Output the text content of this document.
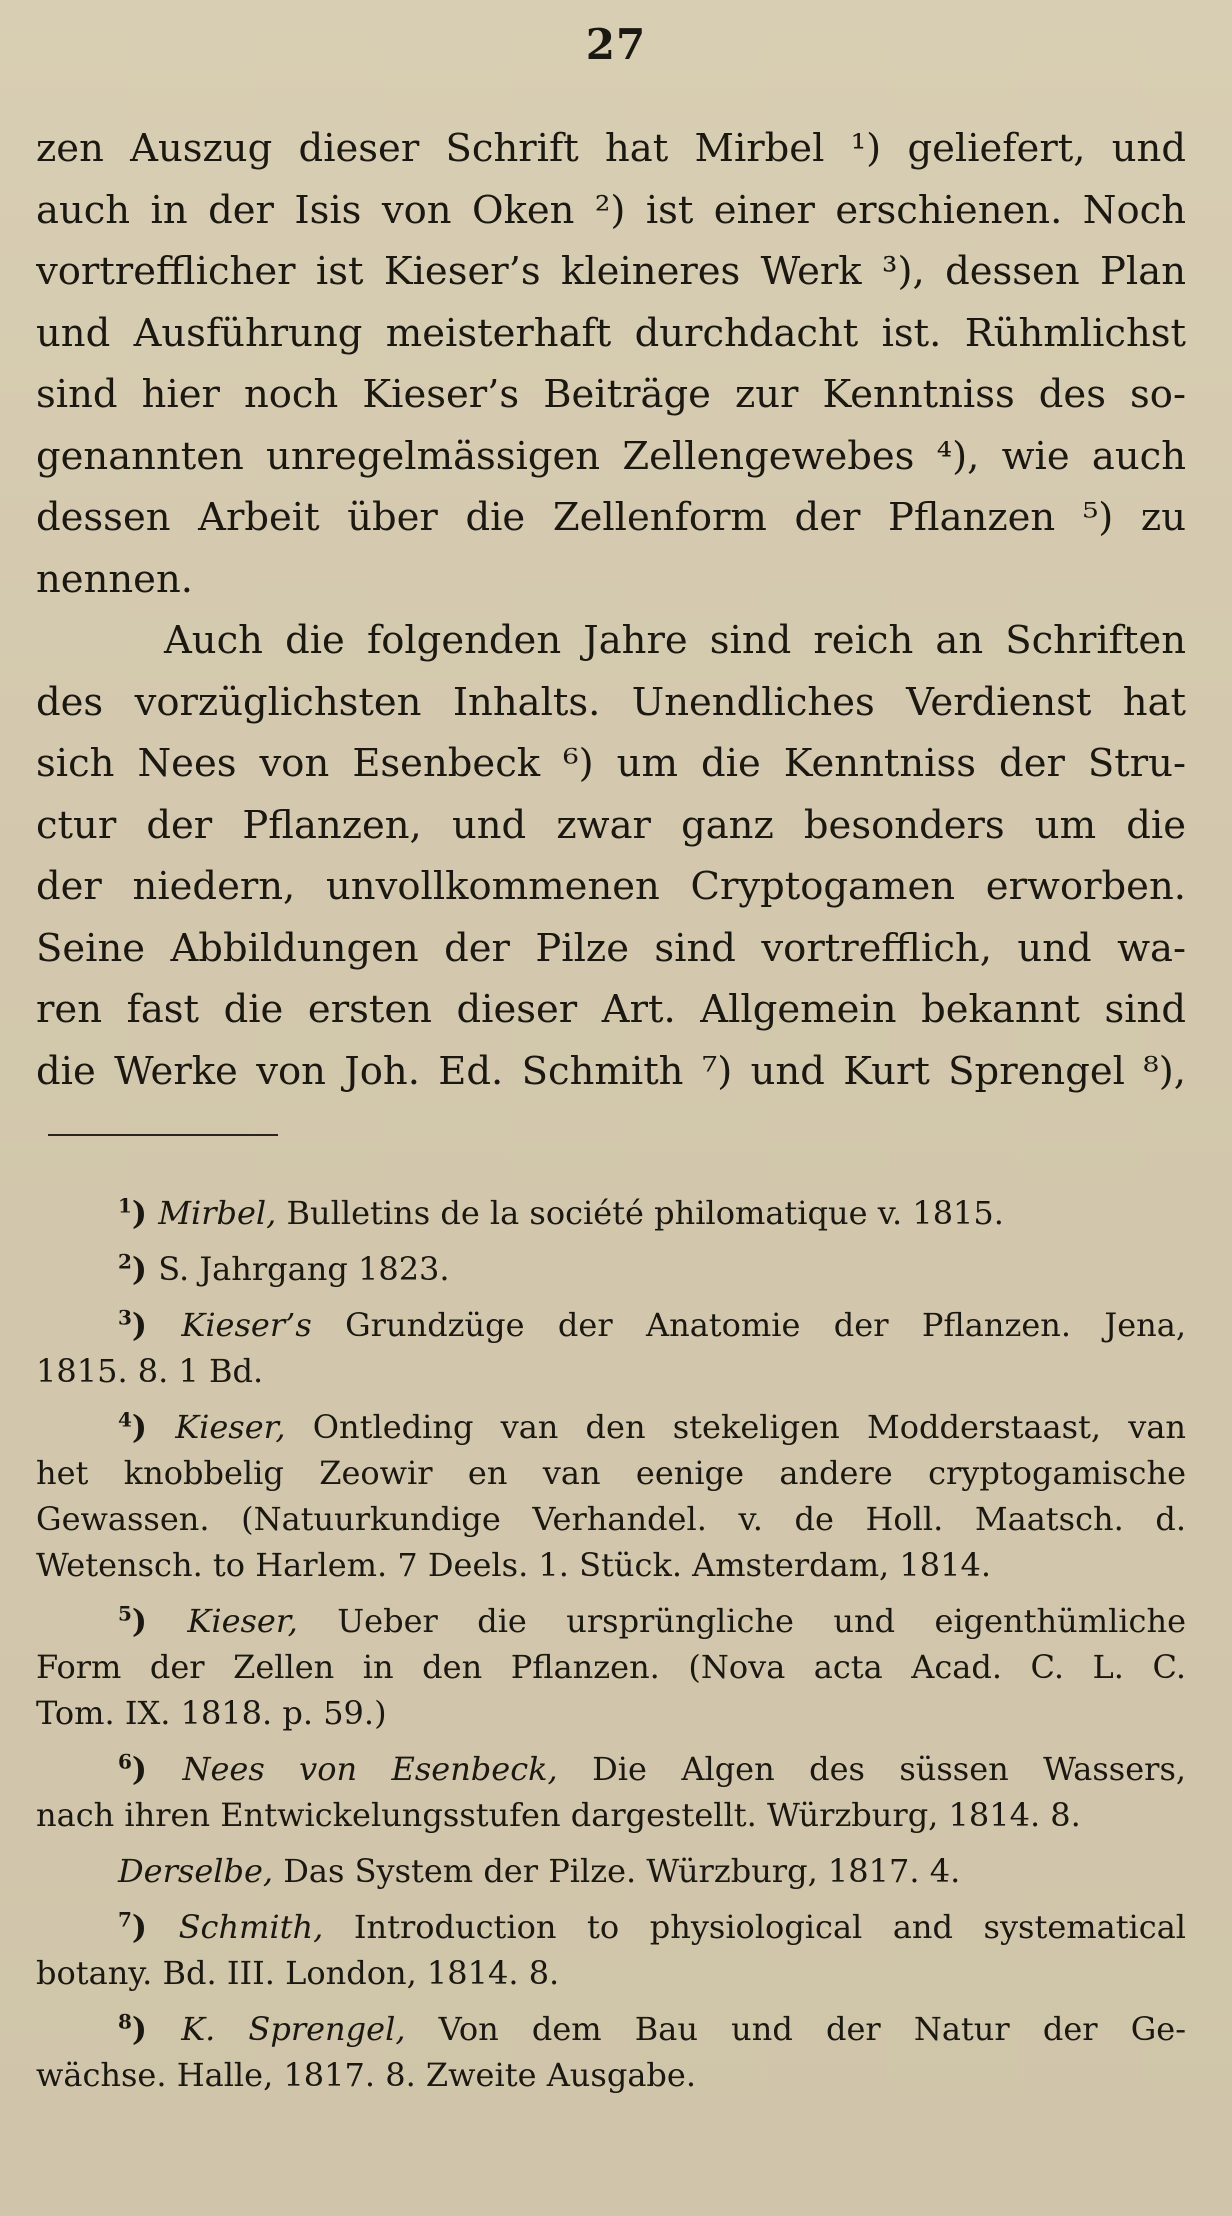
27
zen Auszug dieser Schrift hat Mirbel ¹) geliefert, und
auch in der Isis von Oken ²) ist einer erschienen. Noch
vortrefflicher ist Kieser’s kleineres Werk ³), dessen Plan
und Ausführung meisterhaft durchdacht ist. Rühmlichst
sind hier noch Kieser’s Beiträge zur Kenntniss des so-
genannten unregelmässigen Zellengewebes ⁴), wie auch
dessen Arbeit über die Zellenform der Pflanzen ⁵) zu
nennen.
Auch die folgenden Jahre sind reich an Schriften
des vorzüglichsten Inhalts. Unendliches Verdienst hat
sich Nees von Esenbeck ⁶) um die Kenntniss der Stru-
ctur der Pflanzen, und zwar ganz besonders um die
der niedern, unvollkommenen Cryptogamen erworben.
Seine Abbildungen der Pilze sind vortrefflich, und wa-
ren fast die ersten dieser Art. Allgemein bekannt sind
die Werke von Joh. Ed. Schmith ⁷) und Kurt Sprengel ⁸),
$^1$) Mirbel, Bulletins de la société philomatique v. 1815.
$^2$) S. Jahrgang 1823.
$^3$) Kieser’s Grundzüge der Anatomie der Pflanzen. Jena,
1815. 8. 1 Bd.
$^4$) Kieser, Ontleding van den stekeligen Modderstaast, van
het knobbelig Zeowir en van eenige andere cryptogamische
Gewassen. (Natuurkundige Verhandel. v. de Holl. Maatsch. d.
Wetensch. to Harlem. 7 Deels. 1. Stück. Amsterdam, 1814.
$^5$) Kieser, Ueber die ursprüngliche und eigenthümliche
Form der Zellen in den Pflanzen. (Nova acta Acad. C. L. C.
Tom. IX. 1818. p. 59.)
$^6$) Nees von Esenbeck, Die Algen des süssen Wassers,
nach ihren Entwickelungsstufen dargestellt. Würzburg, 1814. 8.
Derselbe, Das System der Pilze. Würzburg, 1817. 4.
$^7$) Schmith, Introduction to physiological and systematical
botany. Bd. III. London, 1814. 8.
$^8$) K. Sprengel, Von dem Bau und der Natur der Ge-
wächse. Halle, 1817. 8. Zweite Ausgabe.
